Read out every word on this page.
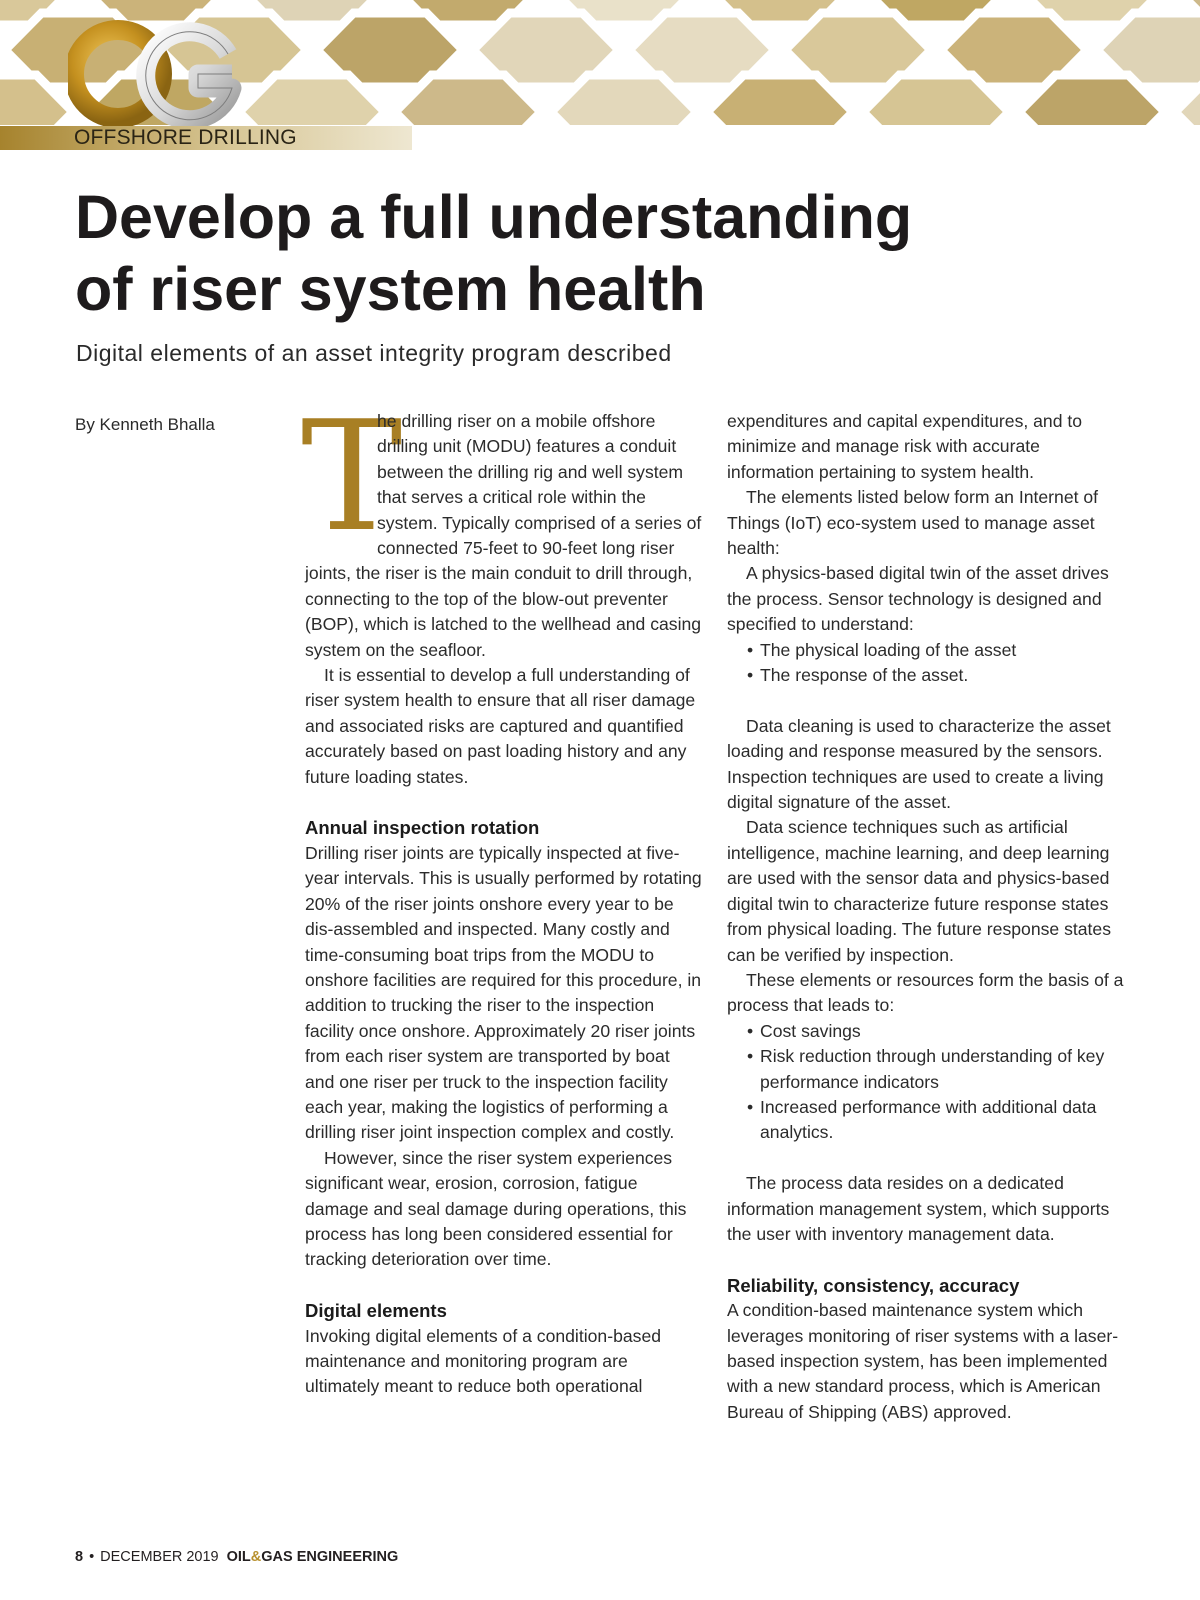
OG
OFFSHORE DRILLING
Develop a full understanding
of riser system health

Digital elements of an asset integrity program described

By Kenneth Bhalla T
he drilling riser on a mobile offshore drilling unit (MODU) features a conduit between the drilling rig and well system that serves a critical role within the system. Typically comprised of a series of connected 75-feet to 90-feet long riser joints, the riser is the main conduit to drill through, connecting to the top of the blow-out preventer (BOP), which is latched to the wellhead and casing system on the seafloor.

It is essential to develop a full understanding of riser system health to ensure that all riser damage and associated risks are captured and quantified accurately based on past loading history and any future loading states.

Annual inspection rotation

Drilling riser joints are typically inspected at five-year intervals. This is usually performed by rotating 20% of the riser joints onshore every year to be dis-assembled and inspected. Many costly and time-consuming boat trips from the MODU to onshore facilities are required for this procedure, in addition to trucking the riser to the inspection facility once onshore. Approximately 20 riser joints from each riser system are transported by boat and one riser per truck to the inspection facility each year, making the logistics of performing a drilling riser joint inspection complex and costly.

However, since the riser system experiences significant wear, erosion, corrosion, fatigue damage and seal damage during operations, this process has long been considered essential for tracking deterioration over time.

Digital elements

Invoking digital elements of a condition-based maintenance and monitoring program are ultimately meant to reduce both operational

expenditures and capital expenditures, and to minimize and manage risk with accurate information pertaining to system health.

The elements listed below form an Internet of Things (IoT) eco-system used to manage asset health:

A physics-based digital twin of the asset drives the process. Sensor technology is designed and specified to understand:

• The physical loading of the asset
• The response of the asset.

Data cleaning is used to characterize the asset loading and response measured by the sensors. Inspection techniques are used to create a living digital signature of the asset.

Data science techniques such as artificial intelligence, machine learning, and deep learning are used with the sensor data and physics-based digital twin to characterize future response states from physical loading. The future response states can be verified by inspection.

These elements or resources form the basis of a process that leads to:

• Cost savings
• Risk reduction through understanding of key performance indicators
• Increased performance with additional data analytics.

The process data resides on a dedicated information management system, which supports the user with inventory management data.

Reliability, consistency, accuracy

A condition-based maintenance system which leverages monitoring of riser systems with a laser-based inspection system, has been implemented with a new standard process, which is American Bureau of Shipping (ABS) approved.

8 • DECEMBER 2019 OIL&GAS ENGINEERING
